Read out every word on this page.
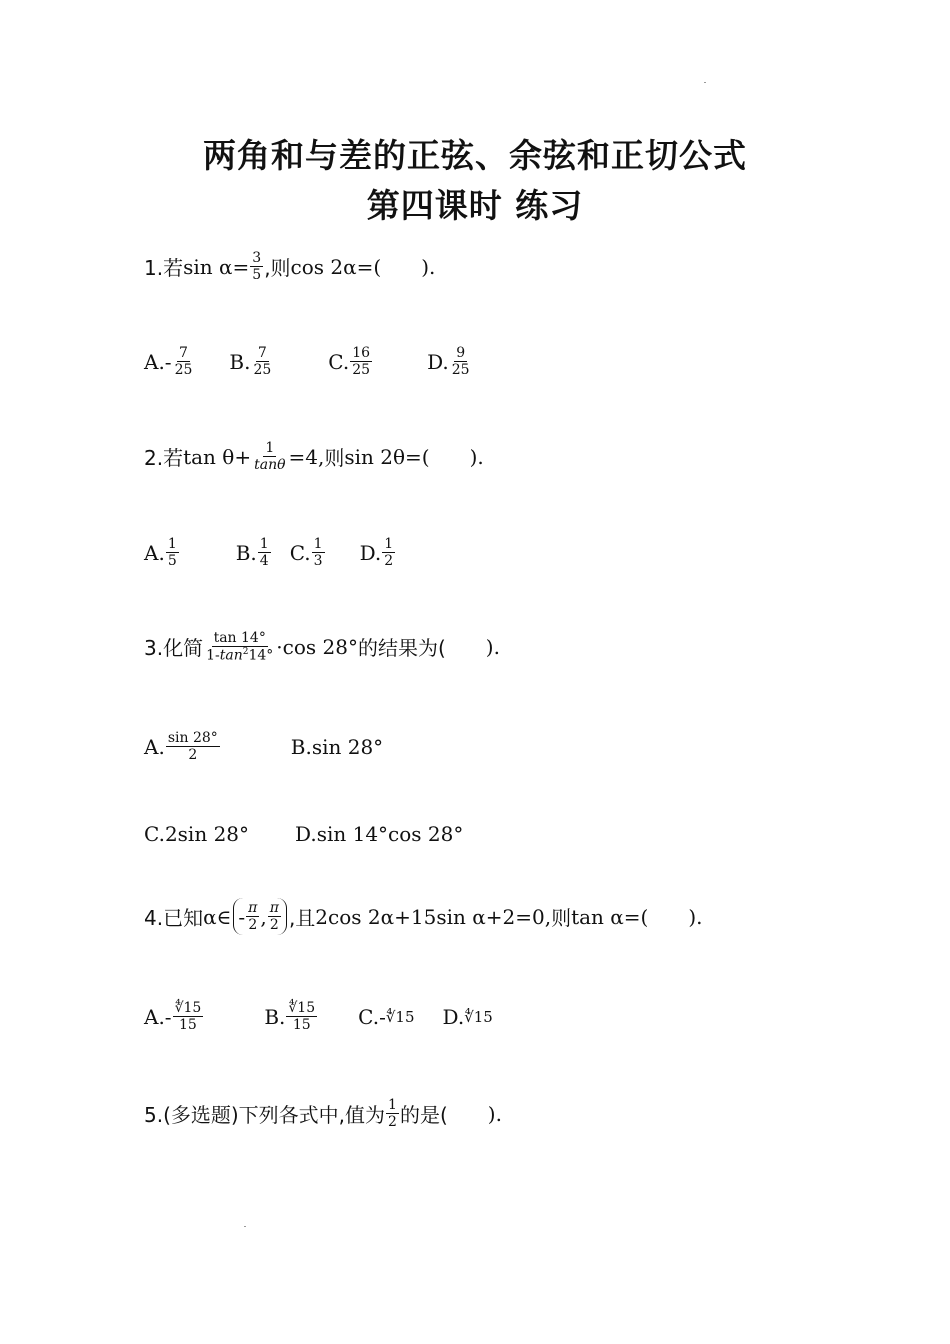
两角和与差的正弦、余弦和正切公式
第四课时 练习
1.若 $\sin \alpha= \frac{3}{5}$ ,则 cos 2α=( ).
$A.- \frac{7}{25} B$. $\frac{7}{25}$	C. $\frac{16}{25}$	D. $\frac{9}{25}$
2.若 $\tan \theta+ \frac{1}{\tan\theta} =4$, 则 sin 2θ=( ).
A. $\frac{1}{5}$	B. $\frac{1}{4} C$. $\frac{1}{3} D$. $\frac{1}{2}$
3.化简 $\frac{\tan 14^\circ}{1-\tan^214^\circ} \cdot\cos$ 28° 的结果为( ).
A. $\frac{\sin 28^\circ}{2}$	B.sin 28°
C.2sin 28° D.sin 14°cos 28°
4.已知 α∈ - $\frac{\pi}{2}$ , $\frac{\pi}{2}$ ,且 2cos 2α+15sin α+2=0, 则 tan α=( ).
$A.- \frac{∜15}{15}$	B. $\frac{∜15}{15} C.-$ ∜15 D. ∜15
5.(多选题)下列各式中,值为 $\frac{1}{2}$ 的是( ).
